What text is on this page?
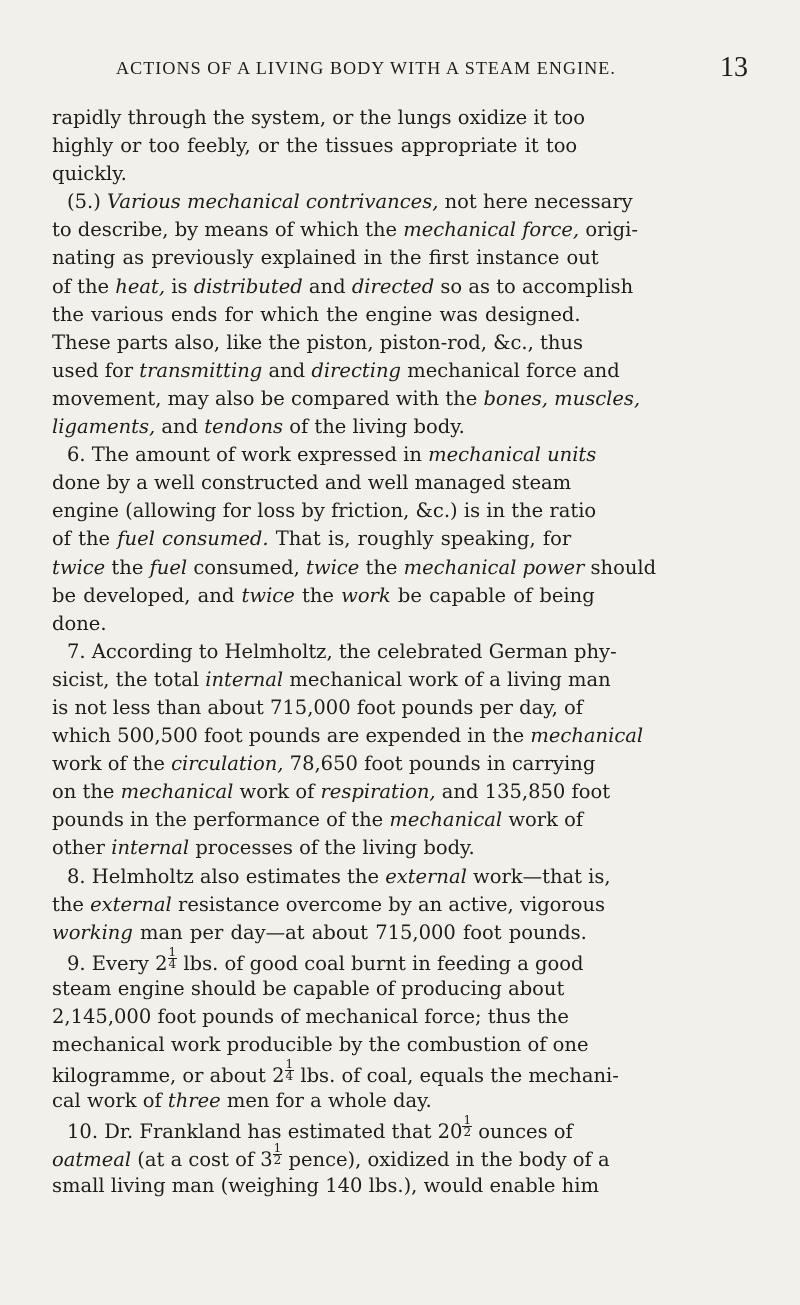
ACTIONS OF A LIVING BODY WITH A STEAM ENGINE.	13
rapidly through the system, or the lungs oxidize it too
highly or too feebly, or the tissues appropriate it too
quickly.
(5.) Various mechanical contrivances, not here necessary
to describe, by means of which the mechanical force, origi-
nating as previously explained in the first instance out
of the heat, is distributed and directed so as to accomplish
the various ends for which the engine was designed.
These parts also, like the piston, piston-rod, &c., thus
used for transmitting and directing mechanical force and
movement, may also be compared with the bones, muscles,
ligaments, and tendons of the living body.
6. The amount of work expressed in mechanical units
done by a well constructed and well managed steam
engine (allowing for loss by friction, &c.) is in the ratio
of the fuel consumed. That is, roughly speaking, for
twice the fuel consumed, twice the mechanical power should
be developed, and twice the work be capable of being
done.
7. According to Helmholtz, the celebrated German phy-
sicist, the total internal mechanical work of a living man
is not less than about 715,000 foot pounds per day, of
which 500,500 foot pounds are expended in the mechanical
work of the circulation, 78,650 foot pounds in carrying
on the mechanical work of respiration, and 135,850 foot
pounds in the performance of the mechanical work of
other internal processes of the living body.
8. Helmholtz also estimates the external work—that is,
the external resistance overcome by an active, vigorous
working man per day—at about 715,000 foot pounds.
9. Every $2 \frac{1}{4}$ lbs. of good coal burnt in feeding a good
steam engine should be capable of producing about
2,145,000 foot pounds of mechanical force; thus the
mechanical work producible by the combustion of one
kilogramme, or about $2 \frac{1}{4}$ lbs. of coal, equals the mechani-
cal work of three men for a whole day.
10. Dr. Frankland has estimated that $20 \frac{1}{2}$ ounces of
oatmeal (at a cost of $3 \frac{1}{2}$ pence), oxidized in the body of a
small living man (weighing 140 lbs.), would enable him
